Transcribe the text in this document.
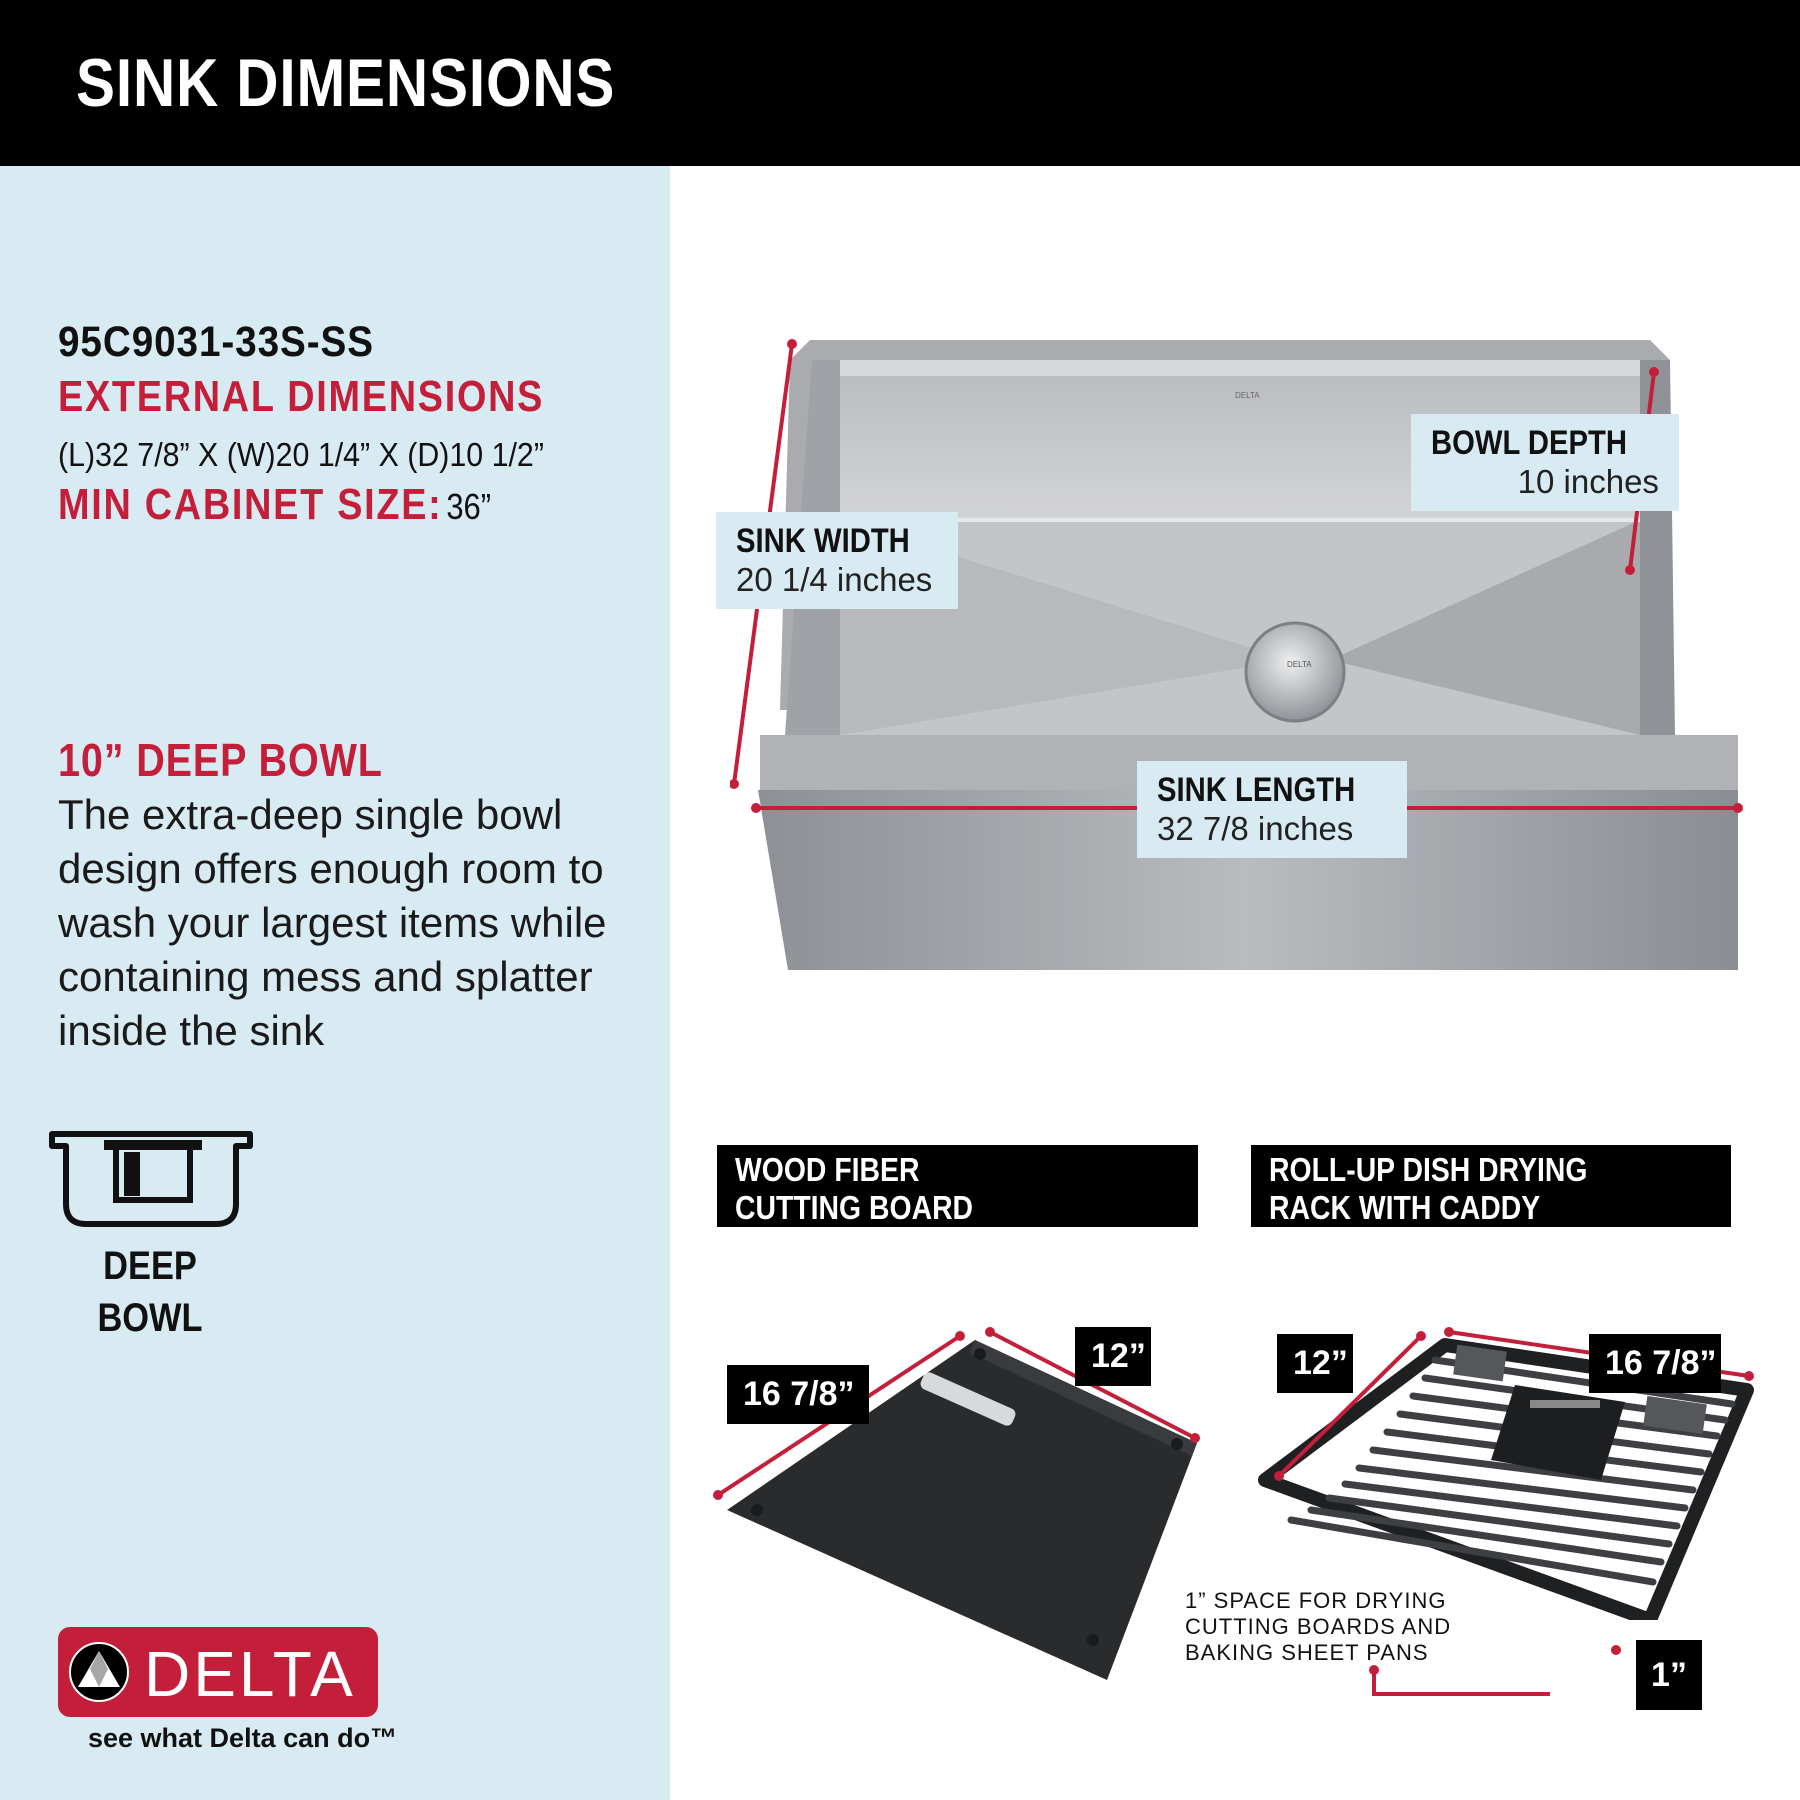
SINK DIMENSIONS
95C9031-33S-SS
EXTERNAL DIMENSIONS
(L)32 7/8” X (W)20 1/4” X (D)10 1/2”
MIN CABINET SIZE: 36”
10” DEEP BOWL
The extra-deep single bowl design offers enough room to wash your largest items while containing mess and splatter inside the sink
DEEP
BOWL
DELTA
see what Delta can do™
DELTA
DELTA
SINK WIDTH
20 1/4 inches
BOWL DEPTH
10 inches
SINK LENGTH
32 7/8 inches
WOOD FIBER
CUTTING BOARD
ROLL-UP DISH DRYING
RACK WITH CADDY
16 7/8”
12”	12”	16 7/8”
1” SPACE FOR DRYING
CUTTING BOARDS AND
BAKING SHEET PANS
1”
